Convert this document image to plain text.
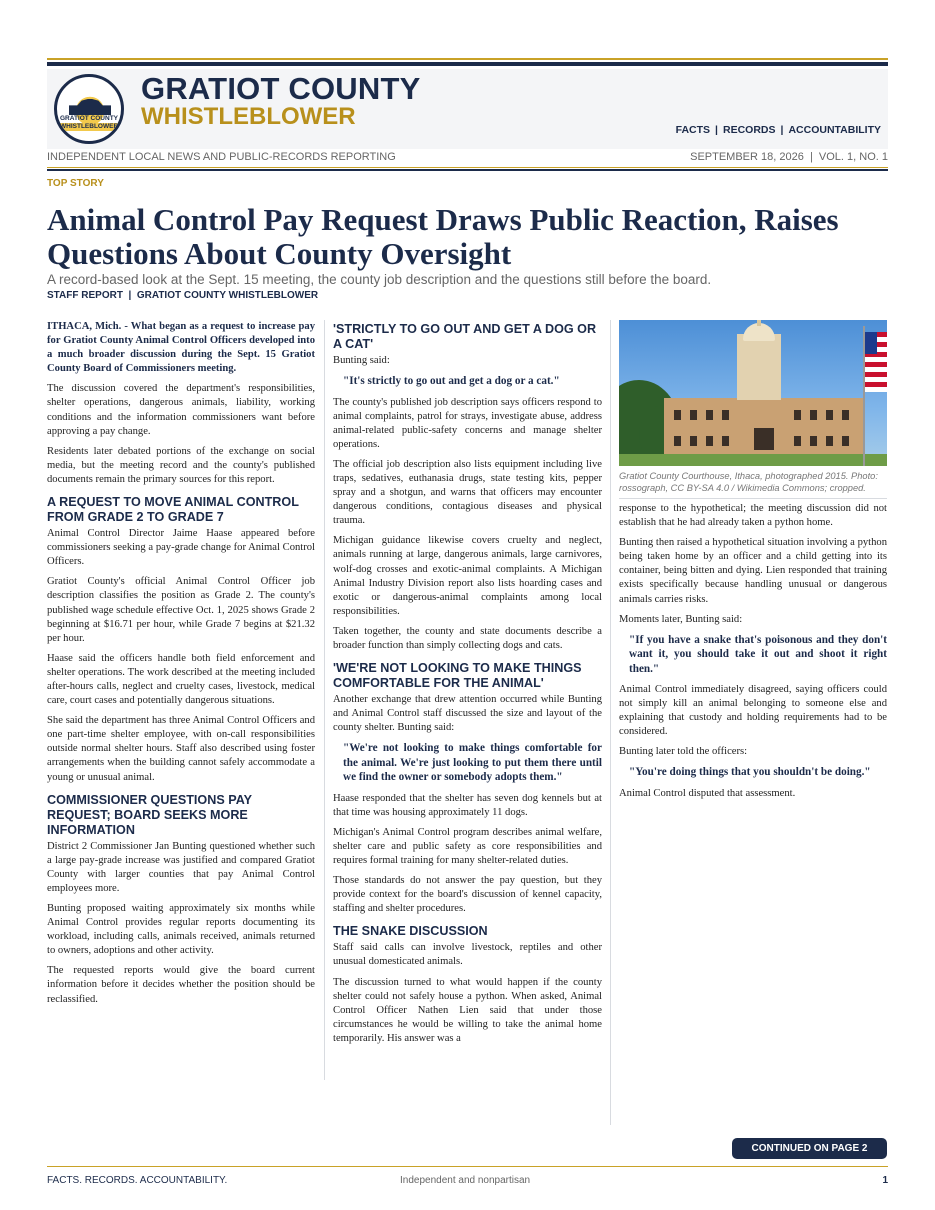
GRATIOT COUNTY
WHISTLEBLOWER
GRATIOT COUNTY
WHISTLEBLOWER	FACTS | RECORDS | ACCOUNTABILITY
INDEPENDENT LOCAL NEWS AND PUBLIC-RECORDS REPORTING	SEPTEMBER 18, 2026  |  VOL. 1, NO. 1
TOP STORY
Animal Control Pay Request Draws Public Reaction, Raises Questions About County Oversight
A record-based look at the Sept. 15 meeting, the county job description and the questions still before the board.
STAFF REPORT  |  GRATIOT COUNTY WHISTLEBLOWER

ITHACA, Mich. - What began as a request to increase pay for Gratiot County Animal Control Officers developed into a much broader discussion during the Sept. 15 Gratiot County Board of Commissioners meeting.

The discussion covered the department's responsibilities, shelter operations, dangerous animals, liability, working conditions and the information commissioners want before approving a pay change.

Residents later debated portions of the exchange on social media, but the meeting record and the county's published documents remain the primary sources for this report.

A REQUEST TO MOVE ANIMAL CONTROL FROM GRADE 2 TO GRADE 7

Animal Control Director Jaime Haase appeared before commissioners seeking a pay-grade change for Animal Control Officers.

Gratiot County's official Animal Control Officer job description classifies the position as Grade 2. The county's published wage schedule effective Oct. 1, 2025 shows Grade 2 beginning at $16.71 per hour, while Grade 7 begins at $21.32 per hour.

Haase said the officers handle both field enforcement and shelter operations. The work described at the meeting included after-hours calls, neglect and cruelty cases, livestock, medical care, court cases and potentially dangerous situations.

She said the department has three Animal Control Officers and one part-time shelter employee, with on-call responsibilities outside normal shelter hours. Staff also described using foster arrangements when the building cannot safely accommodate a young or unusual animal.

COMMISSIONER QUESTIONS PAY REQUEST; BOARD SEEKS MORE INFORMATION

District 2 Commissioner Jan Bunting questioned whether such a large pay-grade increase was justified and compared Gratiot County with larger counties that pay Animal Control employees more.

Bunting proposed waiting approximately six months while Animal Control provides regular reports documenting its workload, including calls, animals received, animals returned to owners, adoptions and other activity.

The requested reports would give the board current information before it decides whether the position should be reclassified.

'STRICTLY TO GO OUT AND GET A DOG OR A CAT'

Bunting said:

"It's strictly to go out and get a dog or a cat."

The county's published job description says officers respond to animal complaints, patrol for strays, investigate abuse, address animal-related public-safety concerns and manage shelter operations.

The official job description also lists equipment including live traps, sedatives, euthanasia drugs, state testing kits, pepper spray and a shotgun, and warns that officers may encounter dangerous conditions, contagious diseases and physical trauma.

Michigan guidance likewise covers cruelty and neglect, animals running at large, dangerous animals, large carnivores, wolf-dog crosses and exotic-animal complaints. A Michigan Animal Industry Division report also lists hoarding cases and exotic or dangerous-animal complaints among local responsibilities.

Taken together, the county and state documents describe a broader function than simply collecting dogs and cats.

'WE'RE NOT LOOKING TO MAKE THINGS COMFORTABLE FOR THE ANIMAL'

Another exchange that drew attention occurred while Bunting and Animal Control staff discussed the size and layout of the county shelter. Bunting said:

"We're not looking to make things comfortable for the animal. We're just looking to put them there until we find the owner or somebody adopts them."

Haase responded that the shelter has seven dog kennels but at that time was housing approximately 11 dogs.

Michigan's Animal Control program describes animal welfare, shelter care and public safety as core responsibilities and requires formal training for many shelter-related duties.

Those standards do not answer the pay question, but they provide context for the board's discussion of kennel capacity, staffing and shelter procedures.

THE SNAKE DISCUSSION

Staff said calls can involve livestock, reptiles and other unusual domesticated animals.

The discussion turned to what would happen if the county shelter could not safely house a python. When asked, Animal Control Officer Nathen Lien said that under those circumstances he would be willing to take the animal home temporarily. His answer was a

Gratiot County Courthouse, Ithaca, photographed 2015. Photo: rossograph, CC BY-SA 4.0 / Wikimedia Commons; cropped.

response to the hypothetical; the meeting discussion did not establish that he had already taken a python home.

Bunting then raised a hypothetical situation involving a python being taken home by an officer and a child getting into its container, being bitten and dying. Lien responded that training exists specifically because handling unusual or dangerous animals carries risks.

Moments later, Bunting said:

"If you have a snake that's poisonous and they don't want it, you should take it out and shoot it right then."

Animal Control immediately disagreed, saying officers could not simply kill an animal belonging to someone else and explaining that custody and holding requirements had to be considered.

Bunting later told the officers:

"You're doing things that you shouldn't be doing."

Animal Control disputed that assessment.

CONTINUED ON PAGE 2
FACTS. RECORDS. ACCOUNTABILITY.	Independent and nonpartisan	1
